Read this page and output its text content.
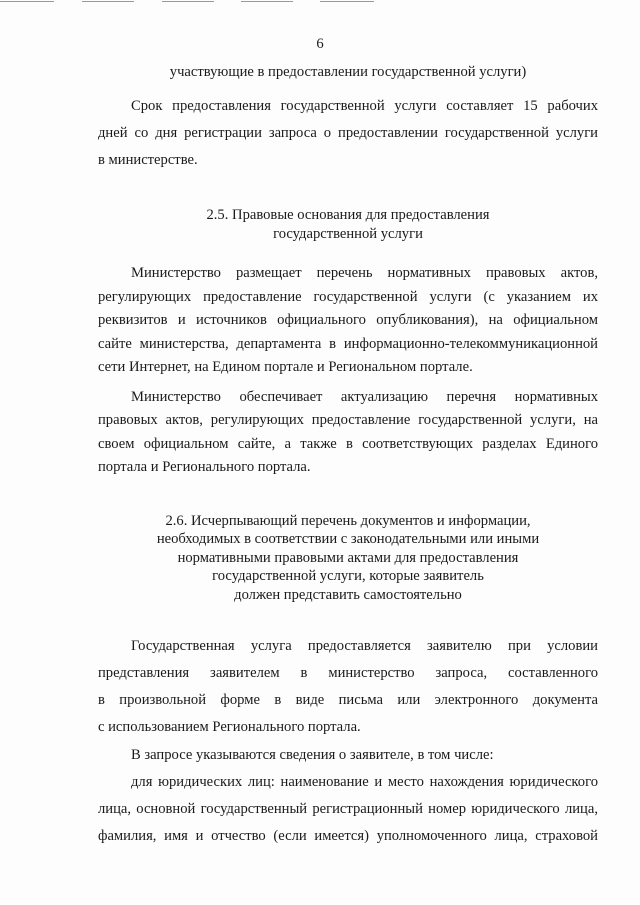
6

участвующие в предоставлении государственной услуги)

Срок предоставления государственной услуги составляет 15 рабочих

дней со дня регистрации запроса о предоставлении государственной услуги

в министерстве.

2.5. Правовые основания для предоставления

государственной услуги

Министерство размещает перечень нормативных правовых актов,

регулирующих предоставление государственной услуги (с указанием их

реквизитов и источников официального опубликования), на официальном

сайте министерства, департамента в информационно-телекоммуникационной

сети Интернет, на Едином портале и Региональном портале.

Министерство обеспечивает актуализацию перечня нормативных

правовых актов, регулирующих предоставление государственной услуги, на

своем официальном сайте, а также в соответствующих разделах Единого

портала и Регионального портала.

2.6. Исчерпывающий перечень документов и информации,

необходимых в соответствии с законодательными или иными

нормативными правовыми актами для предоставления

государственной услуги, которые заявитель

должен представить самостоятельно

Государственная услуга предоставляется заявителю при условии

представления заявителем в министерство запроса, составленного

в произвольной форме в виде письма или электронного документа

с использованием Регионального портала.

В запросе указываются сведения о заявителе, в том числе:

для юридических лиц: наименование и место нахождения юридического

лица, основной государственный регистрационный номер юридического лица,

фамилия, имя и отчество (если имеется) уполномоченного лица, страховой
